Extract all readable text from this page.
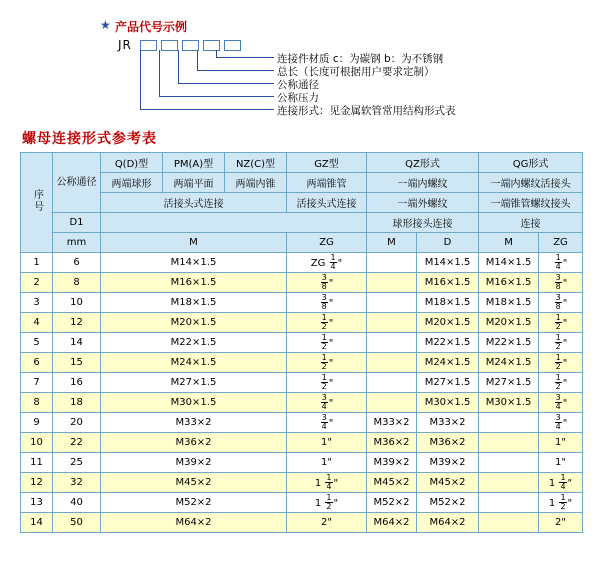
★ 产品代号示例
JR
连接件材质 c：为碳钢 b：为不锈钢
总长（长度可根据用户要求定制）
公称通径
公称压力
连接形式：见金属软管常用结构形式表
螺母连接形式参考表
序号	公称通径	Q(D)型	PM(A)型	NZ(C)型	GZ型	QZ形式		QG形式	
		两端球形	两端平面	两端内锥	两端锥管	一端内螺纹		一端内螺纹活接头	
		活接头式连接			活接头式连接	一端外螺纹		一端锥管螺纹接头	
	D1					球形接头连接		连接	
	mm	M			ZG	M	D	M	ZG
1	6	M14×1.5			ZG $\frac{1}{4}$ "		M14×1.5	M14×1.5	$\frac{1}{4}$ "
2	8	M16×1.5			$\frac{3}{8}$ "		M16×1.5	M16×1.5	$\frac{3}{8}$ "
3	10	M18×1.5			$\frac{3}{8}$ "		M18×1.5	M18×1.5	$\frac{3}{8}$ "
4	12	M20×1.5			$\frac{1}{2}$ "		M20×1.5	M20×1.5	$\frac{1}{2}$ "
5	14	M22×1.5			$\frac{1}{2}$ "		M22×1.5	M22×1.5	$\frac{1}{2}$ "
6	15	M24×1.5			$\frac{1}{2}$ "		M24×1.5	M24×1.5	$\frac{1}{2}$ "
7	16	M27×1.5			$\frac{1}{2}$ "		M27×1.5	M27×1.5	$\frac{1}{2}$ "
8	18	M30×1.5			$\frac{3}{4}$ "		M30×1.5	M30×1.5	$\frac{3}{4}$ "
9	20	M33×2			$\frac{3}{4}$ "	M33×2	M33×2		$\frac{3}{4}$ "
10	22	M36×2			1"	M36×2	M36×2		1"
11	25	M39×2			1"	M39×2	M39×2		1"
12	32	M45×2			$1 \frac{1}{4}$ "	M45×2	M45×2		$1 \frac{1}{4}$ "
13	40	M52×2			$1 \frac{1}{2}$ "	M52×2	M52×2		$1 \frac{1}{2}$ "
14	50	M64×2			2"	M64×2	M64×2		2"
